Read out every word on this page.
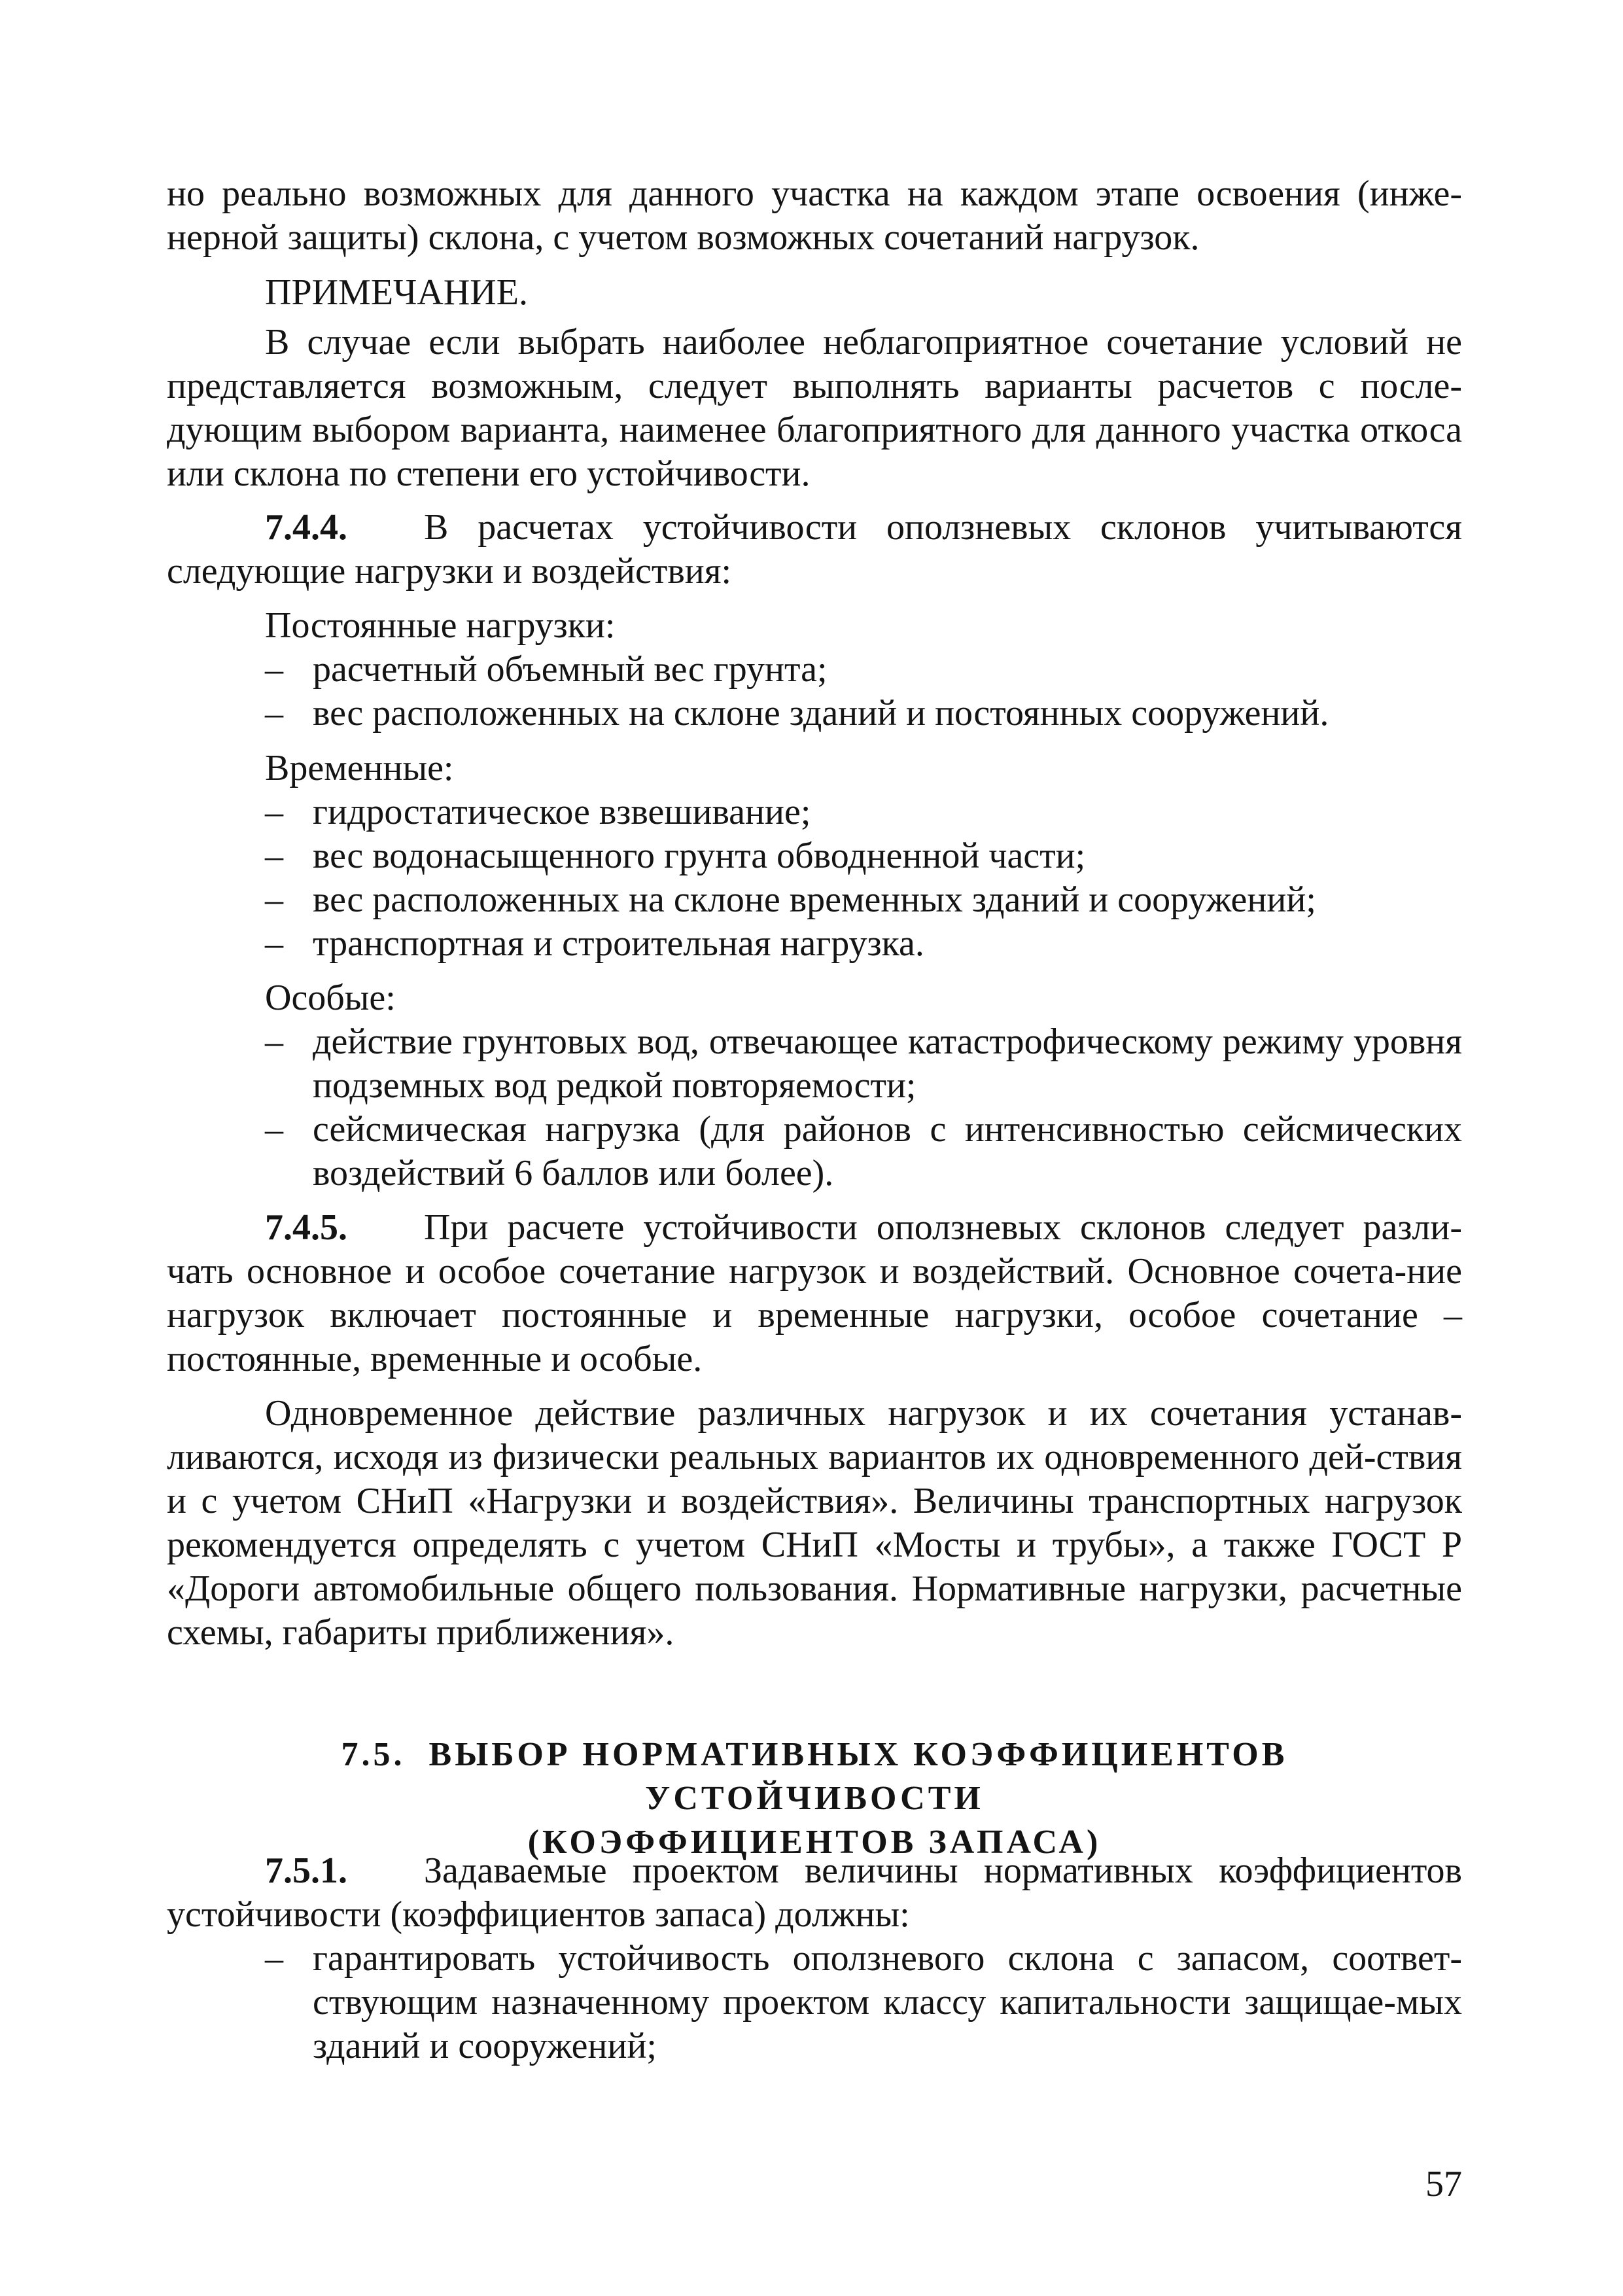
но реально возможных для данного участка на каждом этапе освоения (инже-нерной защиты) склона, с учетом возможных сочетаний нагрузок.
ПРИМЕЧАНИЕ.
В случае если выбрать наиболее неблагоприятное сочетание условий не представляется возможным, следует выполнять варианты расчетов с после-дующим выбором варианта, наименее благоприятного для данного участка откоса или склона по степени его устойчивости.
7.4.4. В расчетах устойчивости оползневых склонов учитываются следующие нагрузки и воздействия:
Постоянные нагрузки:
– расчетный объемный вес грунта;
– вес расположенных на склоне зданий и постоянных сооружений.
Временные:
– гидростатическое взвешивание;
– вес водонасыщенного грунта обводненной части;
– вес расположенных на склоне временных зданий и сооружений;
– транспортная и строительная нагрузка.
Особые:
– действие грунтовых вод, отвечающее катастрофическому режиму уровня подземных вод редкой повторяемости;
– сейсмическая нагрузка (для районов с интенсивностью сейсмических воздействий 6 баллов или более).
7.4.5. При расчете устойчивости оползневых склонов следует разли-чать основное и особое сочетание нагрузок и воздействий. Основное сочета-ние нагрузок включает постоянные и временные нагрузки, особое сочетание – постоянные, временные и особые.
Одновременное действие различных нагрузок и их сочетания устанав-ливаются, исходя из физически реальных вариантов их одновременного дей-ствия и с учетом СНиП «Нагрузки и воздействия». Величины транспортных нагрузок рекомендуется определять с учетом СНиП «Мосты и трубы», а также ГОСТ Р «Дороги автомобильные общего пользования. Нормативные нагрузки, расчетные схемы, габариты приближения».
7.5. ВЫБОР НОРМАТИВНЫХ КОЭФФИЦИЕНТОВ УСТОЙЧИВОСТИ
(КОЭФФИЦИЕНТОВ ЗАПАСА)
7.5.1. Задаваемые проектом величины нормативных коэффициентов устойчивости (коэффициентов запаса) должны:
– гарантировать устойчивость оползневого склона с запасом, соответ-ствующим назначенному проектом классу капитальности защищае-мых зданий и сооружений;
57
